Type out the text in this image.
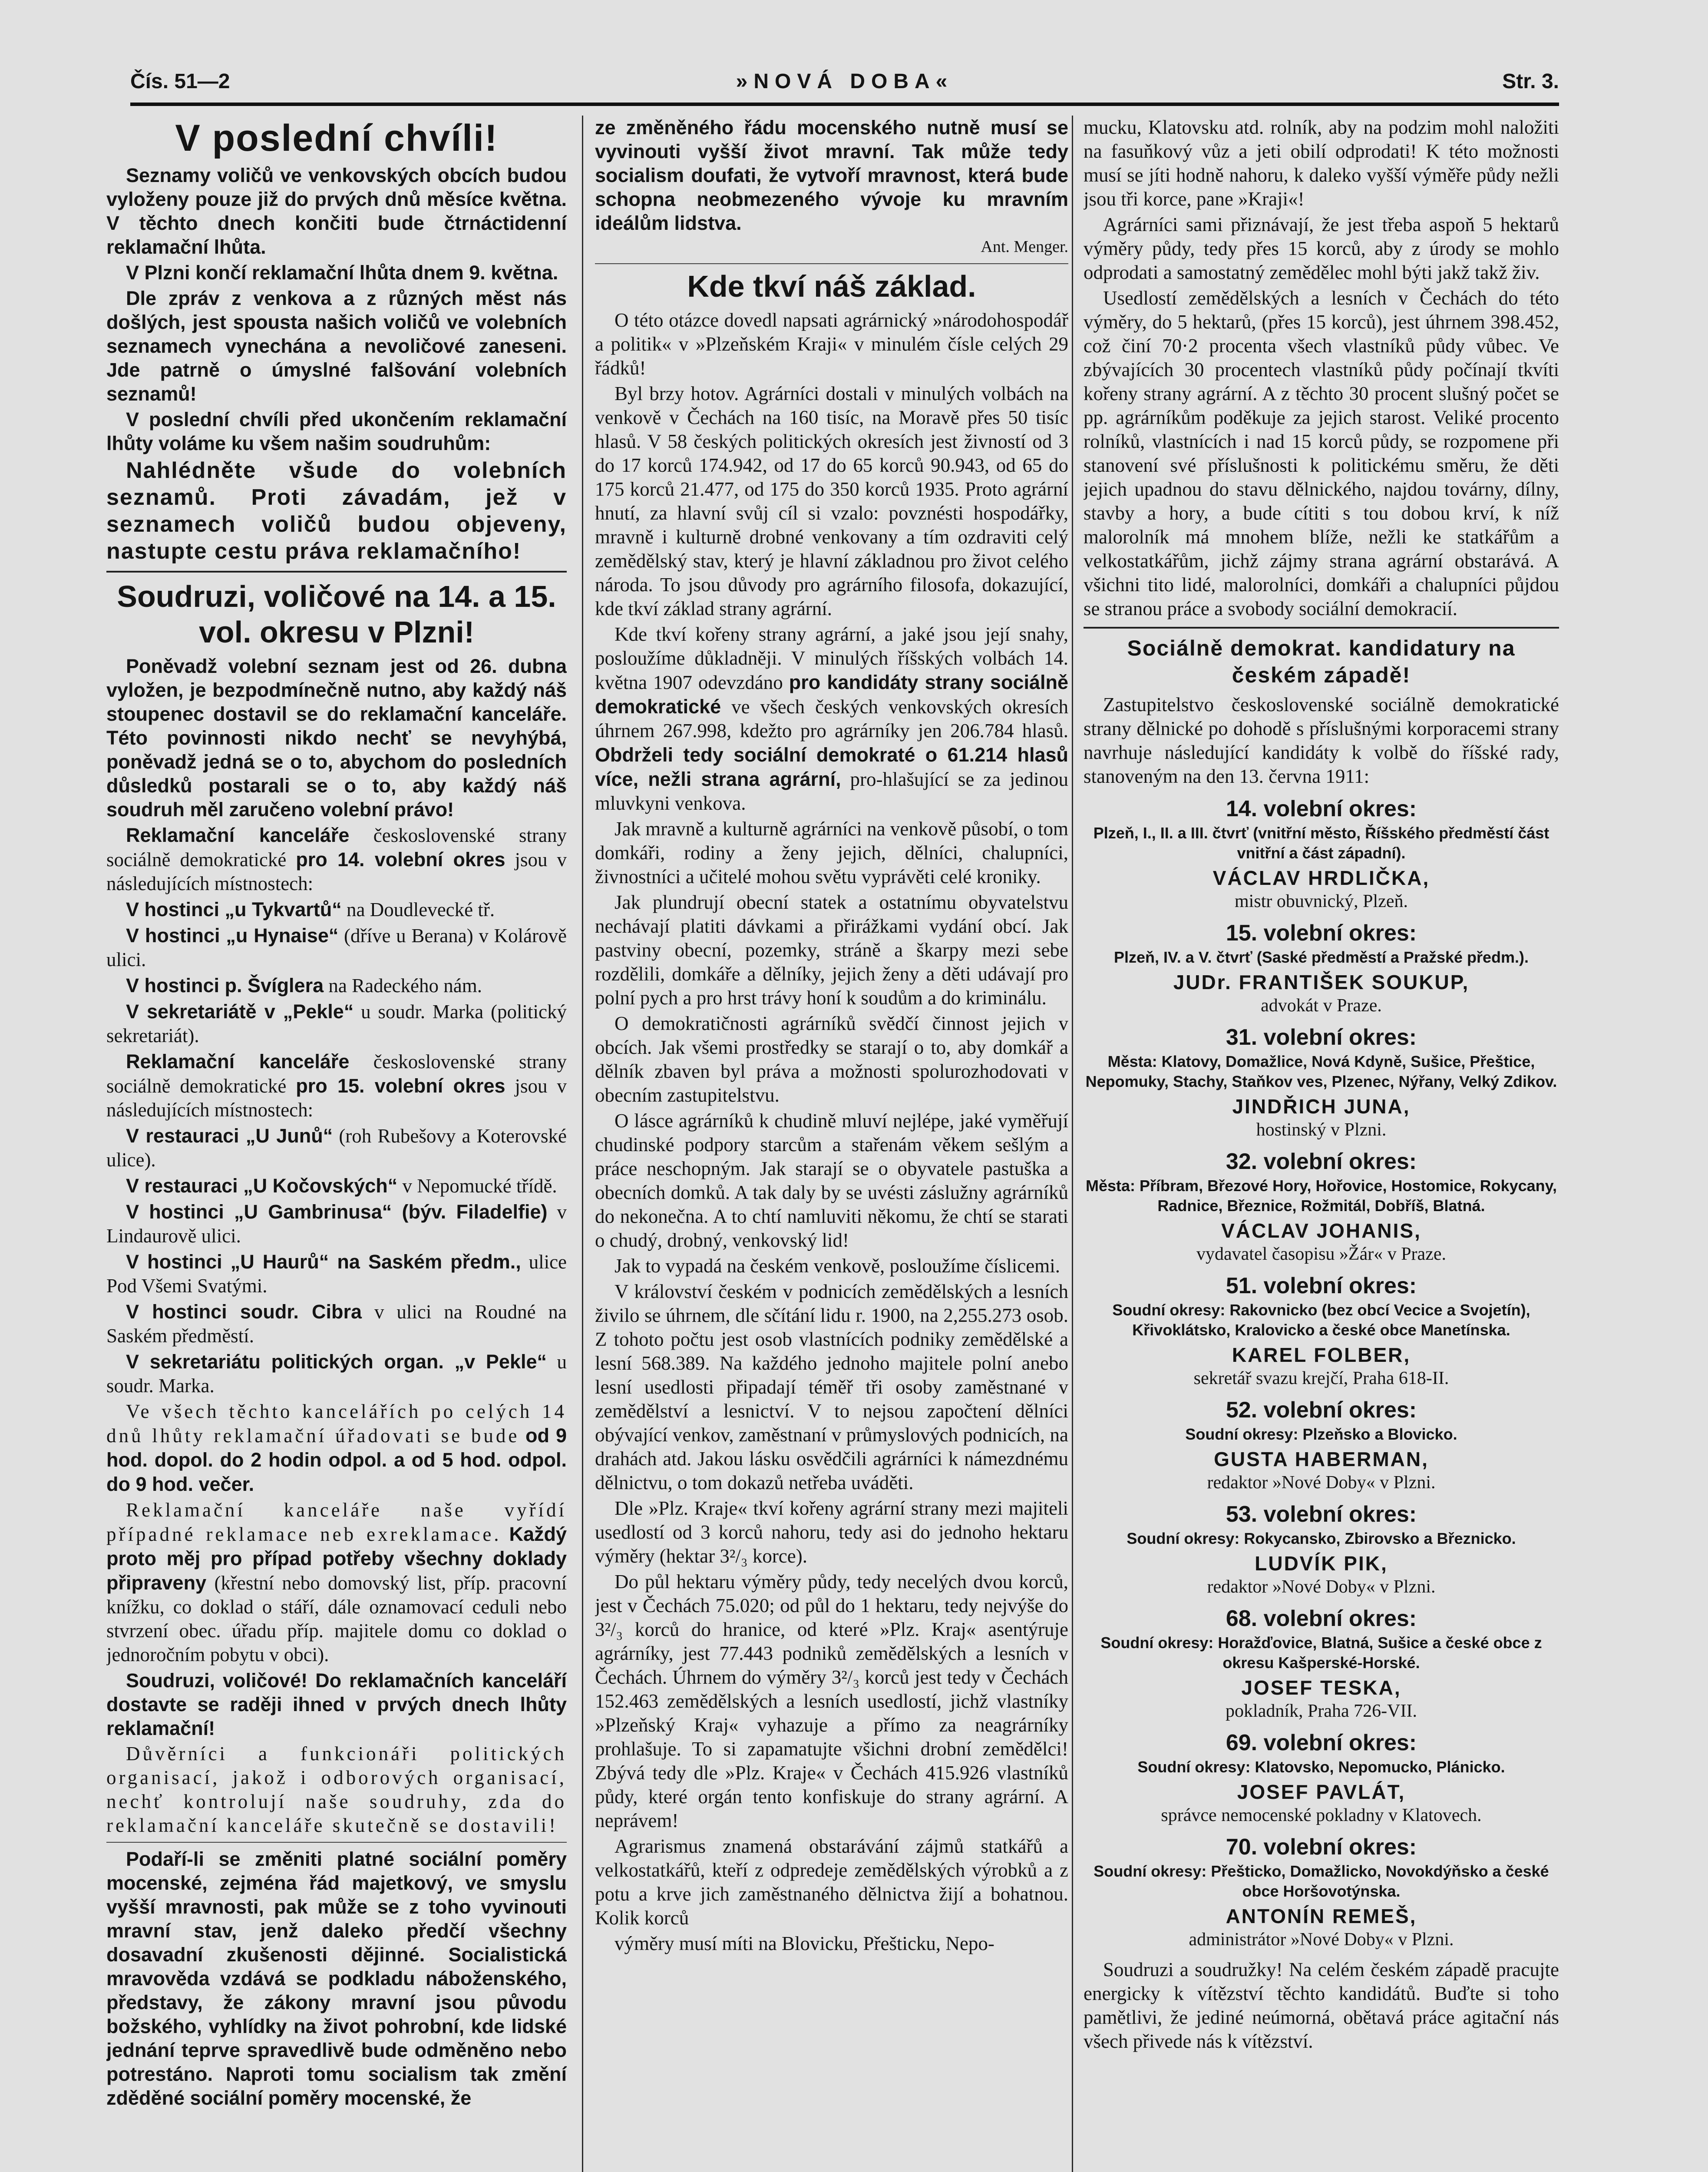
Čís. 51—2	»NOVÁ DOBA«	Str. 3.
V poslední chvíli!

Seznamy voličů ve venkovských obcích budou vyloženy pouze již do prvých dnů měsíce května. V těchto dnech končiti bude čtrnáctidenní reklamační lhůta.

V Plzni končí reklamační lhůta dnem 9. května.

Dle zpráv z venkova a z různých měst nás došlých, jest spousta našich voličů ve volebních seznamech vynechána a nevoličové zaneseni. Jde patrně o úmyslné falšování volebních seznamů!

V poslední chvíli před ukončením reklamační lhůty voláme ku všem našim soudruhům:

Nahlédněte všude do volebních seznamů. Proti závadám, jež v seznamech voličů budou objeveny, nastupte cestu práva reklamačního!

Soudruzi, voličové na 14. a 15. vol. okresu v Plzni!

Poněvadž volební seznam jest od 26. dubna vyložen, je bezpodmínečně nutno, aby každý náš stoupenec dostavil se do reklamační kanceláře. Této povinnosti nikdo nechť se nevyhýbá, poněvadž jedná se o to, abychom do posledních důsledků postarali se o to, aby každý náš soudruh měl zaručeno volební právo!

Reklamační kanceláře československé strany sociálně demokratické pro 14. volební okres jsou v následujících místnostech:

V hostinci „u Tykvartů“ na Doudlevecké tř.

V hostinci „u Hynaise“ (dříve u Berana) v Kolárově ulici.

V hostinci p. Švíglera na Radeckého nám.

V sekretariátě v „Pekle“ u soudr. Marka (politický sekretariát).

Reklamační kanceláře československé strany sociálně demokratické pro 15. volební okres jsou v následujících místnostech:

V restauraci „U Junů“ (roh Rubešovy a Koterovské ulice).

V restauraci „U Kočovských“ v Nepomucké třídě.

V hostinci „U Gambrinusa“ (býv. Filadelfie) v Lindaurově ulici.

V hostinci „U Haurů“ na Saském předm., ulice Pod Všemi Svatými.

V hostinci soudr. Cibra v ulici na Roudné na Saském předměstí.

V sekretariátu politických organ. „v Pekle“ u soudr. Marka.

Ve všech těchto kancelářích po celých 14 dnů lhůty reklamační úřadovati se bude od 9 hod. dopol. do 2 hodin odpol. a od 5 hod. odpol. do 9 hod. večer.

Reklamační kanceláře naše vyřídí případné reklamace neb exreklamace. Každý proto měj pro případ potřeby všechny doklady připraveny (křestní nebo domovský list, příp. pracovní knížku, co doklad o stáří, dále oznamovací ceduli nebo stvrzení obec. úřadu příp. majitele domu co doklad o jednoročním pobytu v obci).

Soudruzi, voličové! Do reklamačních kanceláří dostavte se raději ihned v prvých dnech lhůty reklamační!

Důvěrníci a funkcionáři politických organisací, jakož i odborových organisací, nechť kontrolují naše soudruhy, zda do reklamační kanceláře skutečně se dostavili!

Podaří-li se změniti platné sociální poměry mocenské, zejména řád majetkový, ve smyslu vyšší mravnosti, pak může se z toho vyvinouti mravní stav, jenž daleko předčí všechny dosavadní zkušenosti dějinné. Socialistická mravověda vzdává se podkladu náboženského, představy, že zákony mravní jsou původu božského, vyhlídky na život pohrobní, kde lidské jednání teprve spravedlivě bude odměněno nebo potrestáno. Naproti tomu socialism tak změní zděděné sociální poměry mocenské, že

ze změněného řádu mocenského nutně musí se vyvinouti vyšší život mravní. Tak může tedy socialism doufati, že vytvoří mravnost, která bude schopna neobmezeného vývoje ku mravním ideálům lidstva.

Ant. Menger.
Kde tkví náš základ.

O této otázce dovedl napsati agrárnický »národohospodář a politik« v »Plzeňském Kraji« v minulém čísle celých 29 řádků!

Byl brzy hotov. Agrárníci dostali v minulých volbách na venkově v Čechách na 160 tisíc, na Moravě přes 50 tisíc hlasů. V 58 českých politických okresích jest živností od 3 do 17 korců 174.942, od 17 do 65 korců 90.943, od 65 do 175 korců 21.477, od 175 do 350 korců 1935. Proto agrární hnutí, za hlavní svůj cíl si vzalo: povznésti hospodářky, mravně i kulturně drobné venkovany a tím ozdraviti celý zemědělský stav, který je hlavní základnou pro život celého národa. To jsou důvody pro agrárního filosofa, dokazující, kde tkví základ strany agrární.

Kde tkví kořeny strany agrární, a jaké jsou její snahy, posloužíme důkladněji. V minulých říšských volbách 14. května 1907 odevzdáno pro kandidáty strany sociálně demokratické ve všech českých venkovských okresích úhrnem 267.998, kdežto pro agrárníky jen 206.784 hlasů. Obdrželi tedy sociální demokraté o 61.214 hlasů více, nežli strana agrární, pro-hlašující se za jedinou mluvkyni venkova.

Jak mravně a kulturně agrárníci na venkově působí, o tom domkáři, rodiny a ženy jejich, dělníci, chalupníci, živnostníci a učitelé mohou světu vyprávěti celé kroniky.

Jak plundrují obecní statek a ostatnímu obyvatelstvu nechávají platiti dávkami a přirážkami vydání obcí. Jak pastviny obecní, pozemky, stráně a škarpy mezi sebe rozdělili, domkáře a dělníky, jejich ženy a děti udávají pro polní pych a pro hrst trávy honí k soudům a do kriminálu.

O demokratičnosti agrárníků svědčí činnost jejich v obcích. Jak všemi prostředky se starají o to, aby domkář a dělník zbaven byl práva a možnosti spolurozhodovati v obecním zastupitelstvu.

O lásce agrárníků k chudině mluví nejlépe, jaké vyměřují chudinské podpory starcům a stařenám věkem sešlým a práce neschopným. Jak starají se o obyvatele pastuška a obecních domků. A tak daly by se uvésti záslužny agrárníků do nekonečna. A to chtí namluviti někomu, že chtí se starati o chudý, drobný, venkovský lid!

Jak to vypadá na českém venkově, posloužíme číslicemi.

V království českém v podnicích zemědělských a lesních živilo se úhrnem, dle sčítání lidu r. 1900, na 2,255.273 osob. Z tohoto počtu jest osob vlastnících podniky zemědělské a lesní 568.389. Na každého jednoho majitele polní anebo lesní usedlosti připadají téměř tři osoby zaměstnané v zemědělství a lesnictví. V to nejsou započtení dělníci obývající venkov, zaměstnaní v průmyslových podnicích, na drahách atd. Jakou lásku osvědčili agrárníci k námezdnému dělnictvu, o tom dokazů netřeba uváděti.

Dle »Plz. Kraje« tkví kořeny agrární strany mezi majiteli usedlostí od 3 korců nahoru, tedy asi do jednoho hektaru výměry (hektar 3²/₃ korce).

Do půl hektaru výměry půdy, tedy necelých dvou korců, jest v Čechách 75.020; od půl do 1 hektaru, tedy nejvýše do 3²/₃ korců do hranice, od které »Plz. Kraj« asentýruje agrárníky, jest 77.443 podniků zemědělských a lesních v Čechách. Úhrnem do výměry 3²/₃ korců jest tedy v Čechách 152.463 zemědělských a lesních usedlostí, jichž vlastníky »Plzeňský Kraj« vyhazuje a přímo za neagrárníky prohlašuje. To si zapamatujte všichni drobní zemědělci! Zbývá tedy dle »Plz. Kraje« v Čechách 415.926 vlastníků půdy, které orgán tento konfiskuje do strany agrární. A neprávem!

Agrarismus znamená obstarávání zájmů statkářů a velkostatkářů, kteří z odpredeje zemědělských výrobků a z potu a krve jich zaměstnaného dělnictva žijí a bohatnou. Kolik korců

výměry musí míti na Blovicku, Přešticku, Nepo-

mucku, Klatovsku atd. rolník, aby na podzim mohl naložiti na fasuňkový vůz a jeti obilí odprodati! K této možnosti musí se jíti hodně nahoru, k daleko vyšší výměře půdy nežli jsou tři korce, pane »Kraji«!

Agrárníci sami přiznávají, že jest třeba aspoň 5 hektarů výměry půdy, tedy přes 15 korců, aby z úrody se mohlo odprodati a samostatný zemědělec mohl býti jakž takž živ.

Usedlostí zemědělských a lesních v Čechách do této výměry, do 5 hektarů, (přes 15 korců), jest úhrnem 398.452, což činí 70·2 procenta všech vlastníků půdy vůbec. Ve zbývajících 30 procentech vlastníků půdy počínají tkvíti kořeny strany agrární. A z těchto 30 procent slušný počet se pp. agrárníkům poděkuje za jejich starost. Veliké procento rolníků, vlastnících i nad 15 korců půdy, se rozpomene při stanovení své příslušnosti k politickému směru, že děti jejich upadnou do stavu dělnického, najdou továrny, dílny, stavby a hory, a bude cítiti s tou dobou krví, k níž malorolník má mnohem blíže, nežli ke statkářům a velkostatkářům, jichž zájmy strana agrární obstarává. A všichni tito lidé, malorolníci, domkáři a chalupníci půjdou se stranou práce a svobody sociální demokracií.

Sociálně demokrat. kandidatury na českém západě!

Zastupitelstvo československé sociálně demokratické strany dělnické po dohodě s příslušnými korporacemi strany navrhuje následující kandidáty k volbě do říšské rady, stanoveným na den 13. června 1911:

14. volební okres:
Plzeň, I., II. a III. čtvrť (vnitřní město, Říšského předměstí část vnitřní a část západní).
VÁCLAV HRDLIČKA,
mistr obuvnický, Plzeň.
15. volební okres:
Plzeň, IV. a V. čtvrť (Saské předměstí a Pražské předm.).
JUDr. FRANTIŠEK SOUKUP,
advokát v Praze.
31. volební okres:
Města: Klatovy, Domažlice, Nová Kdyně, Sušice, Přeštice, Nepomuky, Stachy, Staňkov ves, Plzenec, Nýřany, Velký Zdikov.
JINDŘICH JUNA,
hostinský v Plzni.
32. volební okres:
Města: Příbram, Březové Hory, Hořovice, Hostomice, Rokycany, Radnice, Březnice, Rožmitál, Dobříš, Blatná.
VÁCLAV JOHANIS,
vydavatel časopisu »Žár« v Praze.
51. volební okres:
Soudní okresy: Rakovnicko (bez obcí Vecice a Svojetín), Křivoklátsko, Kralovicko a české obce Manetínska.
KAREL FOLBER,
sekretář svazu krejčí, Praha 618-II.
52. volební okres:
Soudní okresy: Plzeňsko a Blovicko.
GUSTA HABERMAN,
redaktor »Nové Doby« v Plzni.
53. volební okres:
Soudní okresy: Rokycansko, Zbirovsko a Březnicko.
LUDVÍK PIK,
redaktor »Nové Doby« v Plzni.
68. volební okres:
Soudní okresy: Horažďovice, Blatná, Sušice a české obce z okresu Kašperské-Horské.
JOSEF TESKA,
pokladník, Praha 726-VII.
69. volební okres:
Soudní okresy: Klatovsko, Nepomucko, Plánicko.
JOSEF PAVLÁT,
správce nemocenské pokladny v Klatovech.
70. volební okres:
Soudní okresy: Přešticko, Domažlicko, Novokdýňsko a české obce Horšovotýnska.
ANTONÍN REMEŠ,
administrátor »Nové Doby« v Plzni.

Soudruzi a soudružky! Na celém českém západě pracujte energicky k vítězství těchto kandidátů. Buďte si toho pamětlivi, že jediné neúmorná, obětavá práce agitační nás všech přivede nás k vítězství.
